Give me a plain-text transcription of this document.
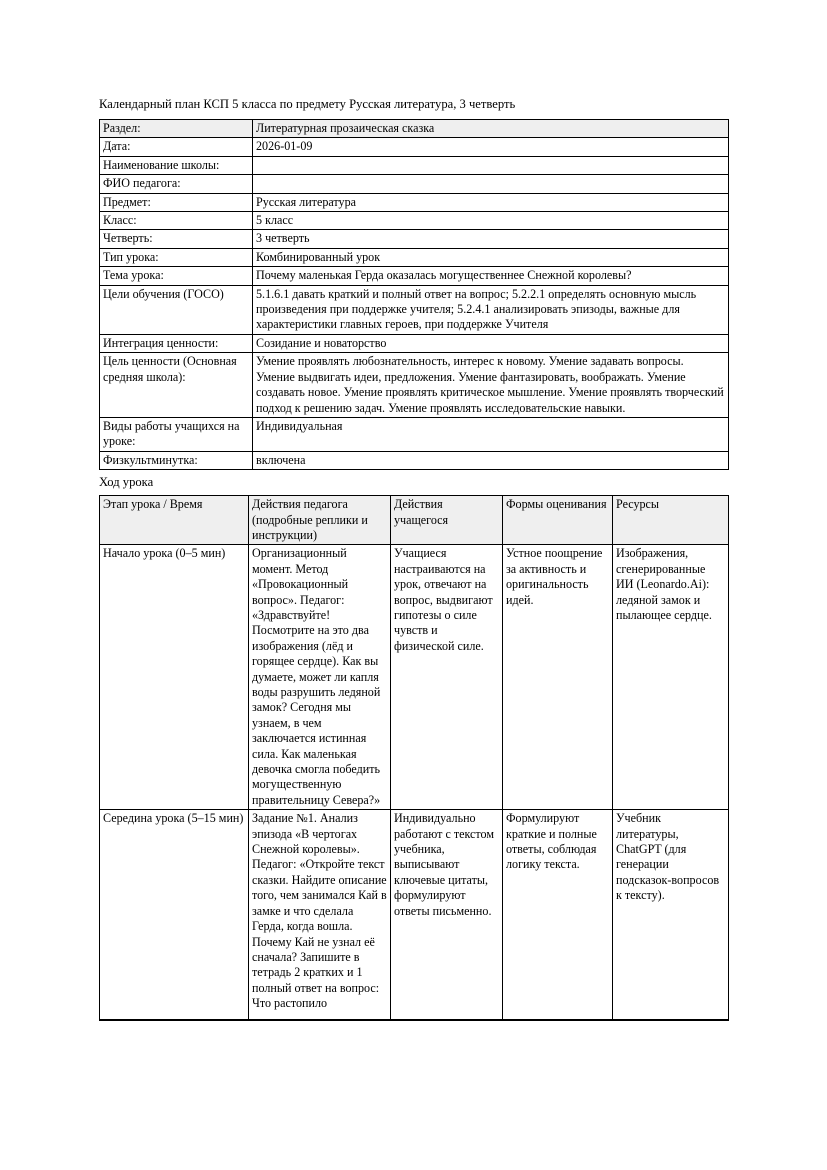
Календарный план КСП 5 класса по предмету Русская литература, 3 четверть

Раздел:	Литературная прозаическая сказка
Дата:	2026-01-09
Наименование школы:	
ФИО педагога:	
Предмет:	Русская литература
Класс:	5 класс
Четверть:	3 четверть
Тип урока:	Комбинированный урок
Тема урока:	Почему маленькая Герда оказалась могущественнее Снежной королевы?
Цели обучения (ГОСО)	5.1.6.1 давать краткий и полный ответ на вопрос; 5.2.2.1 определять основную мысль произведения при поддержке учителя; 5.2.4.1 анализировать эпизоды, важные для характеристики главных героев, при поддержке Учителя
Интеграция ценности:	Созидание и новаторство
Цель ценности (Основная средняя школа):	Умение проявлять любознательность, интерес к новому. Умение задавать вопросы. Умение выдвигать идеи, предложения. Умение фантазировать, воображать. Умение создавать новое. Умение проявлять критическое мышление. Умение проявлять творческий подход к решению задач. Умение проявлять исследовательские навыки.
Виды работы учащихся на уроке:	Индивидуальная
Физкультминутка:	включена

Ход урока

Этап урока / Время	Действия педагога (подробные реплики и инструкции)	Действия учащегося	Формы оценивания	Ресурсы
Начало урока (0–5 мин)	Организационный момент. Метод «Провокационный вопрос». Педагог: «Здравствуйте! Посмотрите на это два изображения (лёд и горящее сердце). Как вы думаете, может ли капля воды разрушить ледяной замок? Сегодня мы узнаем, в чем заключается истинная сила. Как маленькая девочка смогла победить могущественную правительницу Севера?»	Учащиеся настраиваются на урок, отвечают на вопрос, выдвигают гипотезы о силе чувств и физической силе.	Устное поощрение за активность и оригинальность идей.	Изображения, сгенерированные ИИ (Leonardo.Ai): ледяной замок и пылающее сердце.

Середина урока (5–15 мин)	Задание №1. Анализ эпизода «В чертогах Снежной королевы». Педагог: «Откройте текст сказки. Найдите описание того, чем занимался Кай в замке и что сделала Герда, когда вошла. Почему Кай не узнал её сначала? Запишите в тетрадь 2 кратких и 1 полный ответ на вопрос: Что растопило	Индивидуально работают с текстом учебника, выписывают ключевые цитаты, формулируют ответы письменно.	Формулируют краткие и полные ответы, соблюдая логику текста.	Учебник литературы, ChatGPT (для генерации подсказок-вопросов к тексту).
